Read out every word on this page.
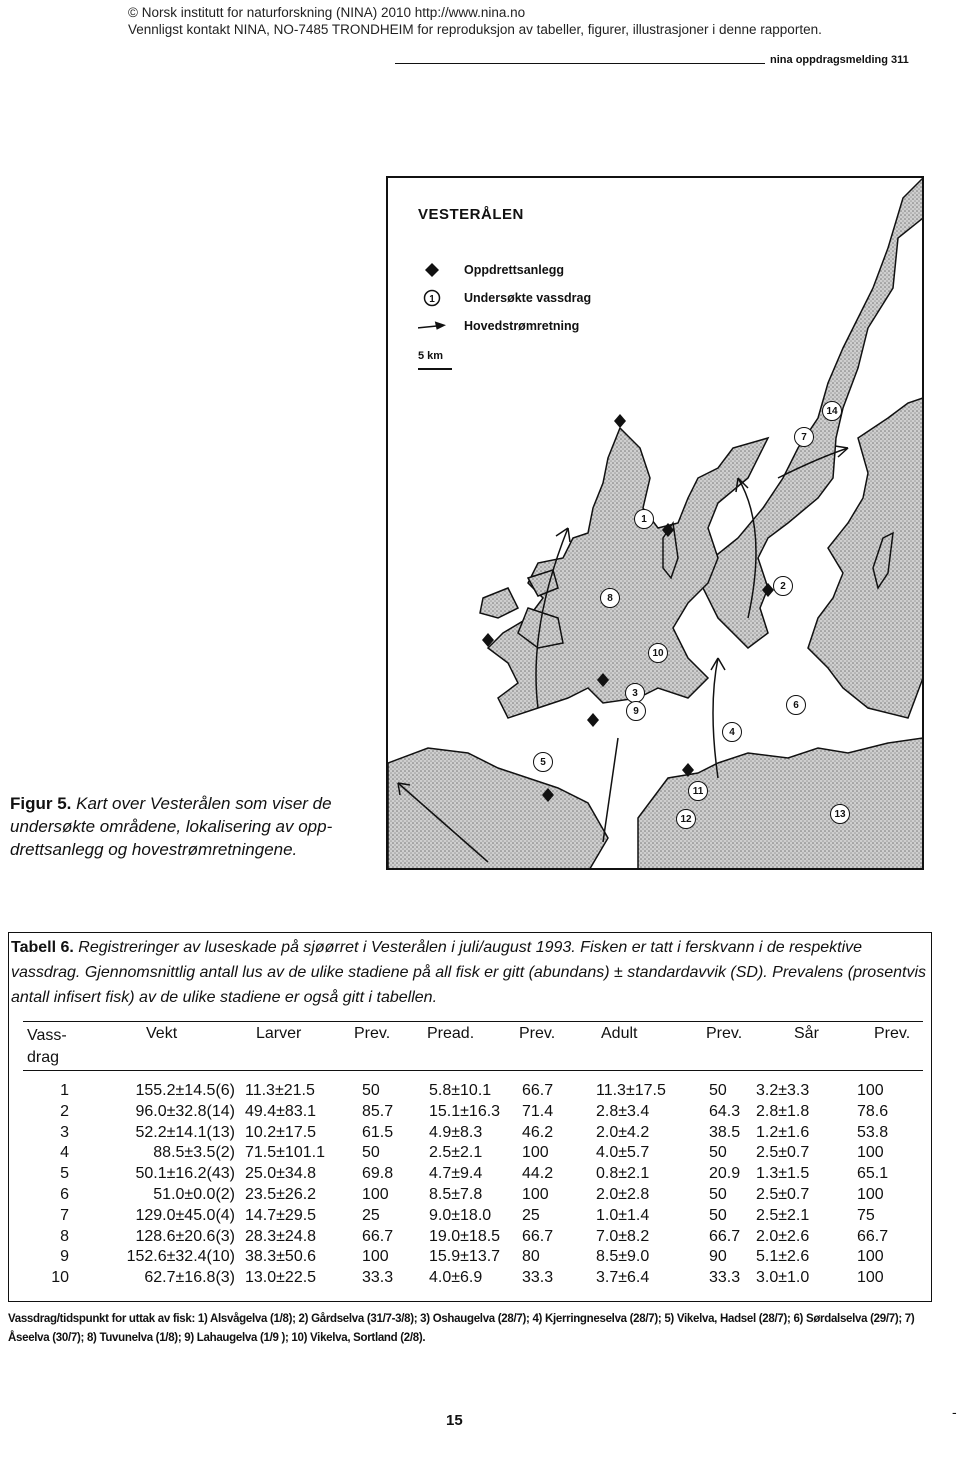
© Norsk institutt for naturforskning (NINA) 2010 http://www.nina.no
Vennligst kontakt NINA, NO-7485 TRONDHEIM for reproduksjon av tabeller, figurer, illustrasjoner i denne rapporten.
nina oppdragsmelding 311
VESTERÅLEN
Oppdrettsanlegg
1 Undersøkte vassdrag
Hovedstrømretning
5 km
14
7
1
8
2
10
3
9
6
4
5
11
12	13
Figur 5. Kart over Vesterålen som viser de undersøkte områdene, lokalisering av opp-drettsanlegg og hovestrømretningene.
Tabell 6. Registreringer av luseskade på sjøørret i Vesterålen i juli/august 1993. Fisken er tatt i ferskvann i de respektive vassdrag. Gjennomsnittlig antall lus av de ulike stadiene på all fisk er gitt (abundans) ± standardavvik (SD). Prevalens (prosentvis antall infisert fisk) av de ulike stadiene er også gitt i tabellen.
Vass-drag
Vekt	Larver	Prev. Pread.	Prev.	Adult	Prev.	Sår	Prev.
1	155.2±14.5(6) 11.3±21.5	50	5.8±10.1 66.7	11.3±17.5	50 3.2±3.3	100
2	96.0±32.8(14) 49.4±83.1	85.7 15.1±16.3 71.4	2.8±3.4	64.3 2.8±1.8	78.6
3	52.2±14.1(13) 10.2±17.5	61.5 4.9±8.3 46.2	2.0±4.2	38.5 1.2±1.6	53.8
4	88.5±3.5(2) 71.5±101.1 50	2.5±2.1 100	4.0±5.7	50 2.5±0.7	100
5	50.1±16.2(43) 25.0±34.8	69.8 4.7±9.4 44.2	0.8±2.1	20.9 1.3±1.5	65.1
6	51.0±0.0(2) 23.5±26.2	100	8.5±7.8 100	2.0±2.8	50 2.5±0.7	100
7	129.0±45.0(4) 14.7±29.5	25	9.0±18.0 25	1.0±1.4	50 2.5±2.1	75
8	128.6±20.6(3) 28.3±24.8	66.7 19.0±18.5 66.7	7.0±8.2	66.7 2.0±2.6	66.7
9	152.6±32.4(10) 38.3±50.6	100	15.9±13.7 80	8.5±9.0	90 5.1±2.6	100
10	62.7±16.8(3) 13.0±22.5	33.3 4.0±6.9 33.3	3.7±6.4	33.3 3.0±1.0	100
Vassdrag/tidspunkt for uttak av fisk: 1) Alsvågelva (1/8); 2) Gårdselva (31/7-3/8); 3) Oshaugelva (28/7); 4) Kjerringneselva (28/7); 5) Vikelva, Hadsel (28/7); 6) Sørdalselva (29/7); 7) Åseelva (30/7); 8) Tuvunelva (1/8); 9) Lahaugelva (1/9 ); 10) Vikelva, Sortland (2/8).
15	-
